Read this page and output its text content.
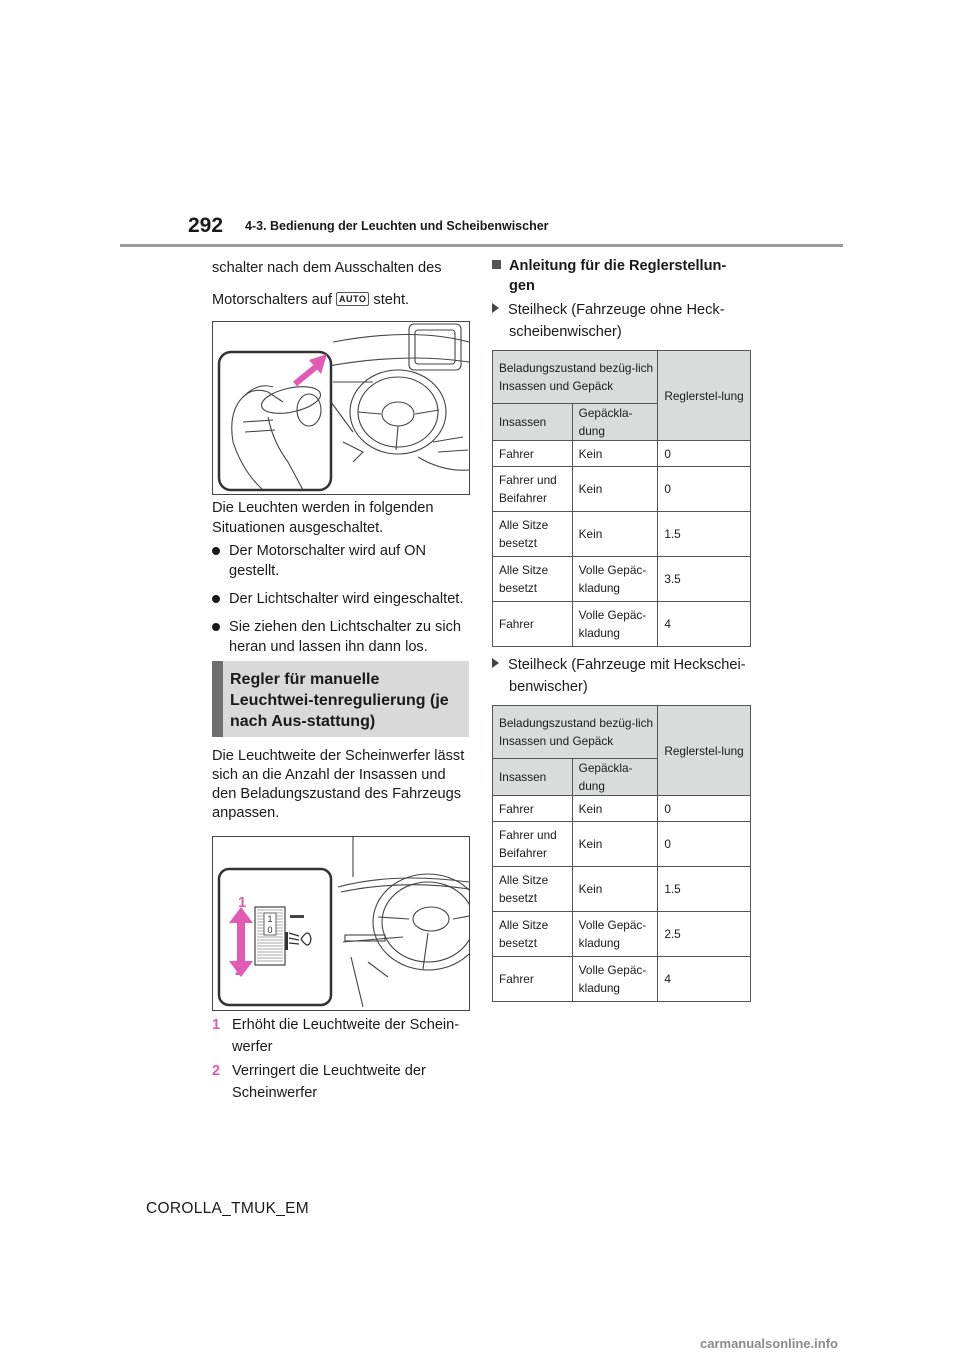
292 4-3. Bedienung der Leuchten und Scheibenwischer
schalter nach dem Ausschalten des
Motorschalters auf AUTO steht.
Die Leuchten werden in folgenden Situationen ausgeschaltet.
Der Motorschalter wird auf ON gestellt.
Der Lichtschalter wird eingeschaltet.
Sie ziehen den Lichtschalter zu sich heran und lassen ihn dann los.
Regler für manuelle Leuchtwei-tenregulierung (je nach Aus-stattung)
Die Leuchtweite der Scheinwerfer lässt sich an die Anzahl der Insassen und den Beladungszustand des Fahrzeugs anpassen.
1
0
1
2
1 Erhöht die Leuchtweite der Schein-
werfer
2 Verringert die Leuchtweite der
Scheinwerfer
Anleitung für die Reglerstellun-
gen
Steilheck (Fahrzeuge ohne Heck-
scheibenwischer)
Beladungszustand bezüg-lich Insassen und Gepäck		Reglerstel-lung
Insassen	Gepäckla-dung	
Fahrer	Kein	0
Fahrer und Beifahrer	Kein	0
Alle Sitze besetzt	Kein	1.5
Alle Sitze besetzt	Volle Gepäc-kladung	3.5
Fahrer	Volle Gepäc-kladung	4
Steilheck (Fahrzeuge mit Heckschei-
benwischer)
Beladungszustand bezüg-lich Insassen und Gepäck		Reglerstel-lung
Insassen	Gepäckla-dung	
Fahrer	Kein	0
Fahrer und Beifahrer	Kein	0
Alle Sitze besetzt	Kein	1.5
Alle Sitze besetzt	Volle Gepäc-kladung	2.5
Fahrer	Volle Gepäc-kladung	4
COROLLA_TMUK_EM
carmanualsonline.info
